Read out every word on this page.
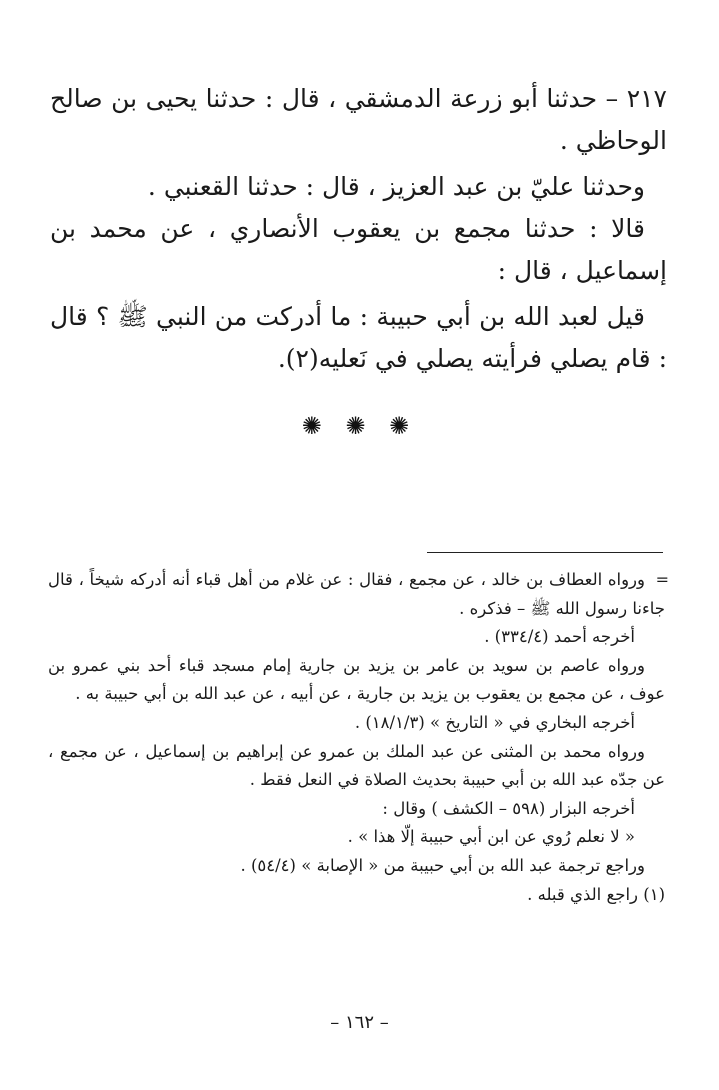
٢١٧ – حدثنا أبو زرعة الدمشقي ، قال : حدثنا يحيى بن صالح الوحاظي .

وحدثنا عليّ بن عبد العزيز ، قال : حدثنا القعنبي .

قالا : حدثنا مجمع بن يعقوب الأنصاري ، عن محمد بن إسماعيل ، قال :

قيل لعبد الله بن أبي حبيبة : ما أدركت من النبي ﷺ ؟ قال : قام يصلي فرأيته يصلي في نَعليه(٢).

✺ ✺ ✺
=

ورواه العطاف بن خالد ، عن مجمع ، فقال : عن غلام من أهل قباء أنه أدركه شيخاً ، قال جاءنا رسول الله ﷺ – فذكره .

أخرجه أحمد (٣٣٤/٤) .

ورواه عاصم بن سويد بن عامر بن يزيد بن جارية إمام مسجد قباء أحد بني عمرو بن عوف ، عن مجمع بن يعقوب بن يزيد بن جارية ، عن أبيه ، عن عبد الله بن أبي حبيبة به .

أخرجه البخاري في « التاريخ » (١٨/١/٣) .

ورواه محمد بن المثنى عن عبد الملك بن عمرو عن إبراهيم بن إسماعيل ، عن مجمع ، عن جدّه عبد الله بن أبي حبيبة بحديث الصلاة في النعل فقط .

أخرجه البزار (٥٩٨ – الكشف ) وقال :

« لا نعلم رُوي عن ابن أبي حبيبة إلّا هذا » .

وراجع ترجمة عبد الله بن أبي حبيبة من « الإصابة » (٥٤/٤) .

(١) راجع الذي قبله .

– ١٦٢ –
